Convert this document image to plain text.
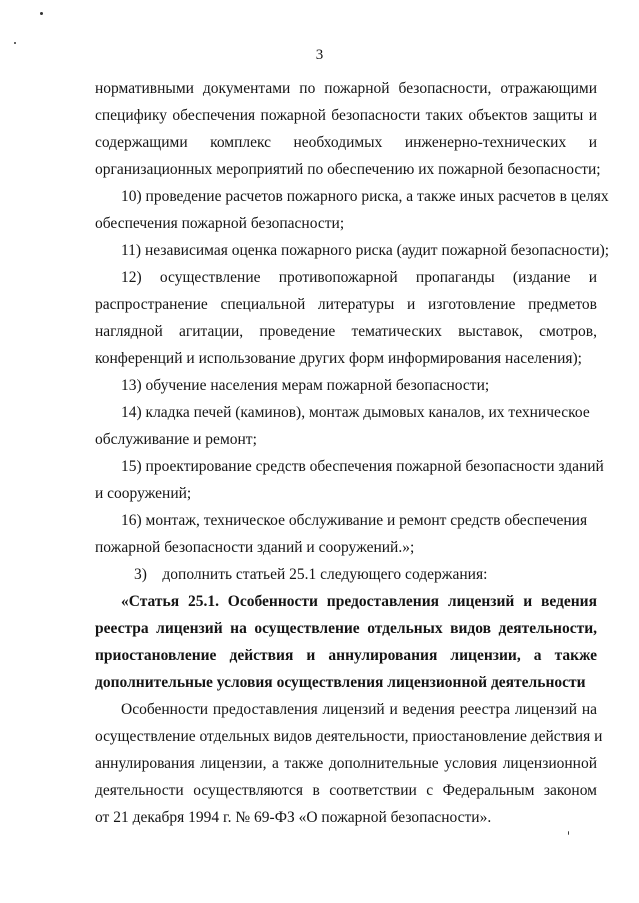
3
нормативными документами по пожарной безопасности, отражающими
специфику обеспечения пожарной безопасности таких объектов защиты и
содержащими комплекс необходимых инженерно-технических и
организационных мероприятий по обеспечению их пожарной безопасности;
10) проведение расчетов пожарного риска, а также иных расчетов в целях
обеспечения пожарной безопасности;
11) независимая оценка пожарного риска (аудит пожарной безопасности);
12) осуществление противопожарной пропаганды (издание и
распространение специальной литературы и изготовление предметов
наглядной агитации, проведение тематических выставок, смотров,
конференций и использование других форм информирования населения);
13) обучение населения мерам пожарной безопасности;
14) кладка печей (каминов), монтаж дымовых каналов, их техническое
обслуживание и ремонт;
15) проектирование средств обеспечения пожарной безопасности зданий
и сооружений;
16) монтаж, техническое обслуживание и ремонт средств обеспечения
пожарной безопасности зданий и сооружений.»;
3)    дополнить статьей 25.1 следующего содержания:
«Статья 25.1. Особенности предоставления лицензий и ведения
реестра лицензий на осуществление отдельных видов деятельности,
приостановление действия и аннулирования лицензии, а также
дополнительные условия осуществления лицензионной деятельности
Особенности предоставления лицензий и ведения реестра лицензий на
осуществление отдельных видов деятельности, приостановление действия и
аннулирования лицензии, а также дополнительные условия лицензионной
деятельности осуществляются в соответствии с Федеральным законом
от 21 декабря 1994 г. № 69-ФЗ «О пожарной безопасности».
